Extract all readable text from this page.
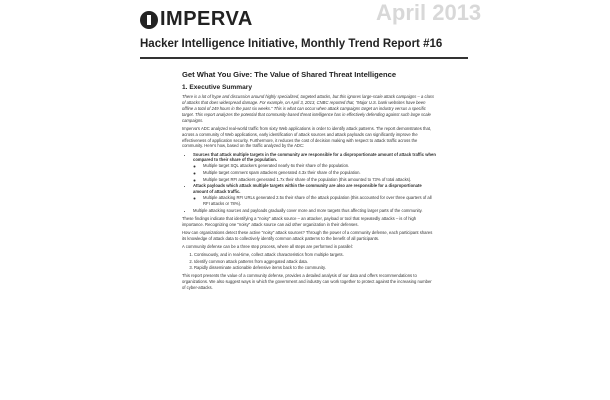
IMPERVA	April 2013
Hacker Intelligence Initiative, Monthly Trend Report #16
Get What You Give: The Value of Shared Threat Intelligence
1. Executive Summary

There is a lot of hype and discussion around highly specialized, targeted attacks, but this ignores large-scale attack campaigns – a class of attacks that does widespread damage. For example, on April 3, 2013, CNBC reported that, "Major U.S. bank websites have been offline a total of 249 hours in the past six weeks." This is what can occur when attack campaigns target an industry versus a specific target. This report analyzes the potential that community-based threat intelligence has in effectively defending against such large scale campaigns.

Imperva's ADC analyzed real-world traffic from sixty Web applications in order to identify attack patterns. The report demonstrates that, across a community of Web applications, early identification of attack sources and attack payloads can significantly improve the effectiveness of application security. Furthermore, it reduces the cost of decision making with respect to attack traffic across the community. Here's how, based on the traffic analyzed by the ADC:

• Sources that attack multiple targets in the community are responsible for a disproportionate amount of attack traffic when compared to their share of the population.
◦ Multiple target SQL attackers generated nearly 6x their share of the population.
◦ Multiple target comment spam attackers generated 4.3x their share of the population.
◦ Multiple target RFI attackers generated 1.7x their share of the population (this amounted to 73% of total attacks).
• Attack payloads which attack multiple targets within the community are also are responsible for a disproportionate amount of attack traffic.
◦ Multiple attacking RFI URLs generated 2.5x their share of the attack population (this accounted for over three quarters of all RFI attacks or 78%).
• Multiple attacking sources and payloads gradually cover more and more targets thus affecting larger parts of the community.

These findings indicate that identifying a "noisy" attack source – an attacker, payload or tool that repeatedly attacks – is of high importance. Recognizing one "noisy" attack source can aid other organization in their defenses.

How can organizations detect these active "noisy" attack sources? Through the power of a community defense, each participant shares its knowledge of attack data to collectively identify common attack patterns to the benefit of all participants.

A community defense can be a three step process, where all steps are performed in parallel:

1. Continuously, and in real-time, collect attack characteristics from multiple targets.
2. Identify common attack patterns from aggregated attack data.
3. Rapidly disseminate actionable defensive items back to the community.

This report presents the value of a community defense, provides a detailed analysis of our data and offers recommendations to organizations. We also suggest ways in which the government and industry can work together to protect against the increasing number of cyber-attacks.
